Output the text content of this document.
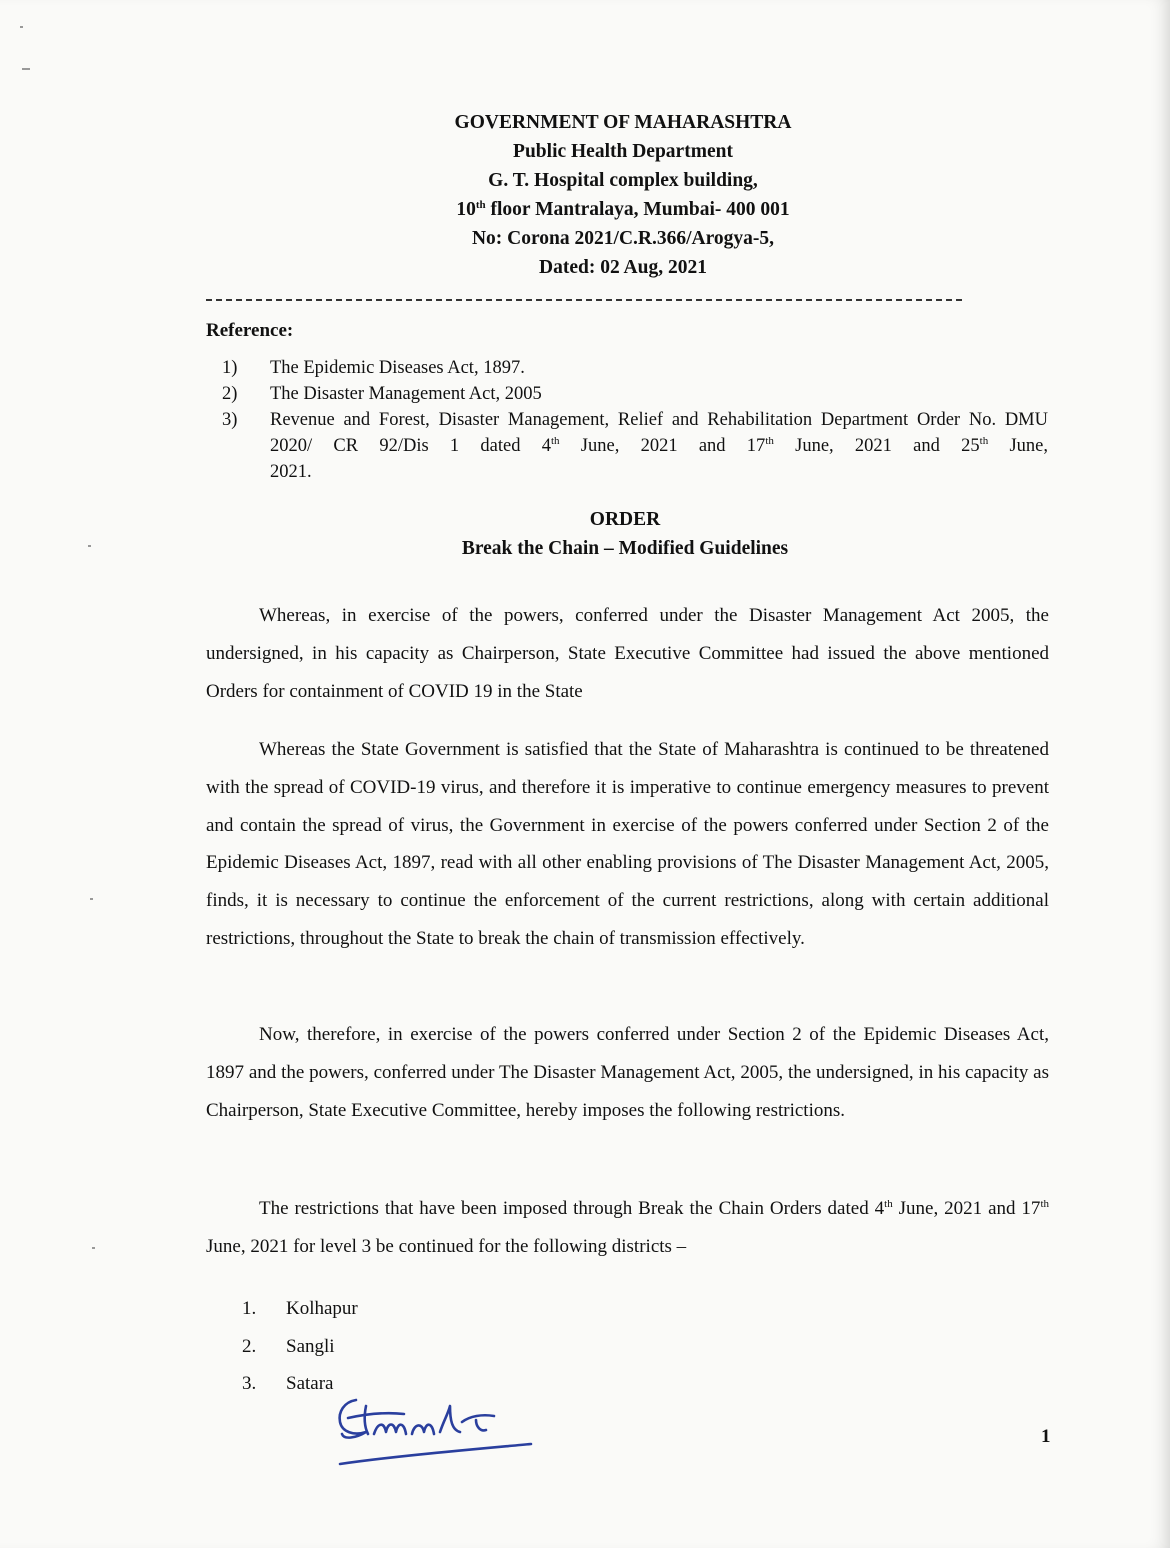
GOVERNMENT OF MAHARASHTRA
Public Health Department
G. T. Hospital complex building,
10th floor Mantralaya, Mumbai- 400 001
No: Corona 2021/C.R.366/Arogya-5,
Dated: 02 Aug, 2021
Reference:
1) The Epidemic Diseases Act, 1897.
2) The Disaster Management Act, 2005
3) Revenue and Forest, Disaster Management, Relief and Rehabilitation Department Order No. DMU 2020/ CR 92/Dis 1 dated 4th June, 2021 and 17th June, 2021 and 25th June,
2021.
ORDER
Break the Chain – Modified Guidelines
Whereas, in exercise of the powers, conferred under the Disaster Management Act 2005, the undersigned, in his capacity as Chairperson, State Executive Committee had issued the above mentioned Orders for containment of COVID 19 in the State
Whereas the State Government is satisfied that the State of Maharashtra is continued to be threatened with the spread of COVID-19 virus, and therefore it is imperative to continue emergency measures to prevent and contain the spread of virus, the Government in exercise of the powers conferred under Section 2 of the Epidemic Diseases Act, 1897, read with all other enabling provisions of The Disaster Management Act, 2005, finds, it is necessary to continue the enforcement of the current restrictions, along with certain additional restrictions, throughout the State to break the chain of transmission effectively.
Now, therefore, in exercise of the powers conferred under Section 2 of the Epidemic Diseases Act, 1897 and the powers, conferred under The Disaster Management Act, 2005, the undersigned, in his capacity as Chairperson, State Executive Committee, hereby imposes the following restrictions.
The restrictions that have been imposed through Break the Chain Orders dated 4th June, 2021 and 17th June, 2021 for level 3 be continued for the following districts –
1. Kolhapur
2. Sangli
3. Satara
1
